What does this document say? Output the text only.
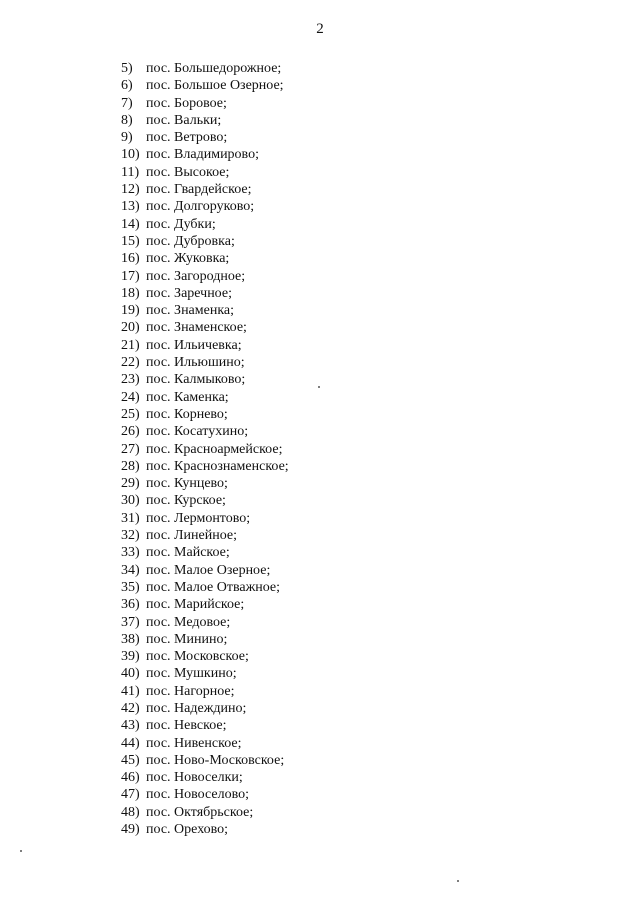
2
5) пос. Большедорожное;
6) пос. Большое Озерное;
7) пос. Боровое;
8) пос. Вальки;
9) пос. Ветрово;
10) пос. Владимирово;
11) пос. Высокое;
12) пос. Гвардейское;
13) пос. Долгоруково;
14) пос. Дубки;
15) пос. Дубровка;
16) пос. Жуковка;
17) пос. Загородное;
18) пос. Заречное;
19) пос. Знаменка;
20) пос. Знаменское;
21) пос. Ильичевка;
22) пос. Ильюшино;
23) пос. Калмыково;
24) пос. Каменка;
25) пос. Корнево;
26) пос. Косатухино;
27) пос. Красноармейское;
28) пос. Краснознаменское;
29) пос. Кунцево;
30) пос. Курское;
31) пос. Лермонтово;
32) пос. Линейное;
33) пос. Майское;
34) пос. Малое Озерное;
35) пос. Малое Отважное;
36) пос. Марийское;
37) пос. Медовое;
38) пос. Минино;
39) пос. Московское;
40) пос. Мушкино;
41) пос. Нагорное;
42) пос. Надеждино;
43) пос. Невское;
44) пос. Нивенское;
45) пос. Ново-Московское;
46) пос. Новоселки;
47) пос. Новоселово;
48) пос. Октябрьское;
49) пос. Орехово;
